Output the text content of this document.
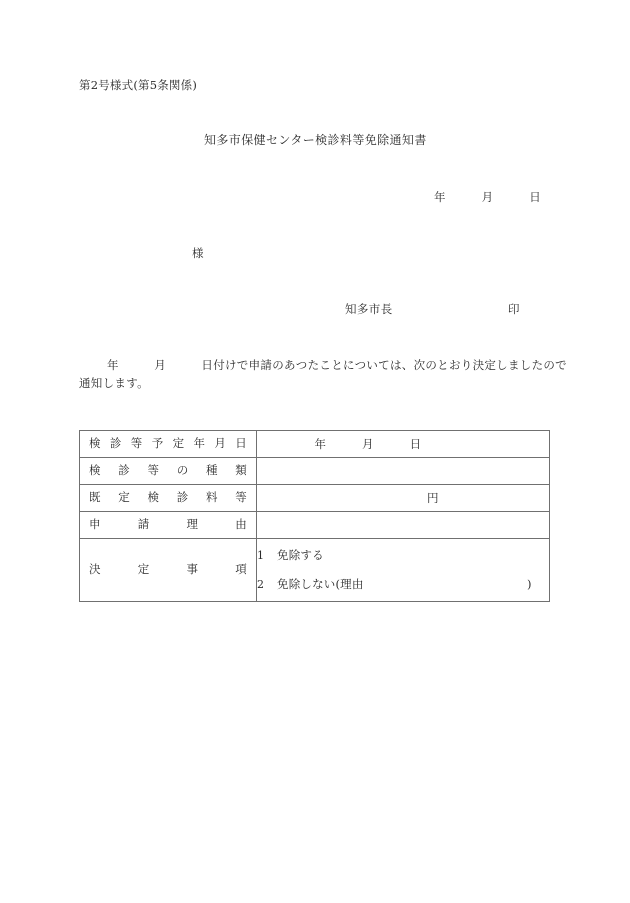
第2号様式(第5条関係)
知多市保健センター検診料等免除通知書
年　　　月　　　日
様
知多市長	印
年　　　月　　　日付けで申請のあつたことについては、次のとおり決定しましたので
通知します。
検診等予定年月日	年　　　月　　　日

検診等の種類	

既定検診料等	円

申請理由	

決定事項	1 免除する
2 免除しない(理由 )
